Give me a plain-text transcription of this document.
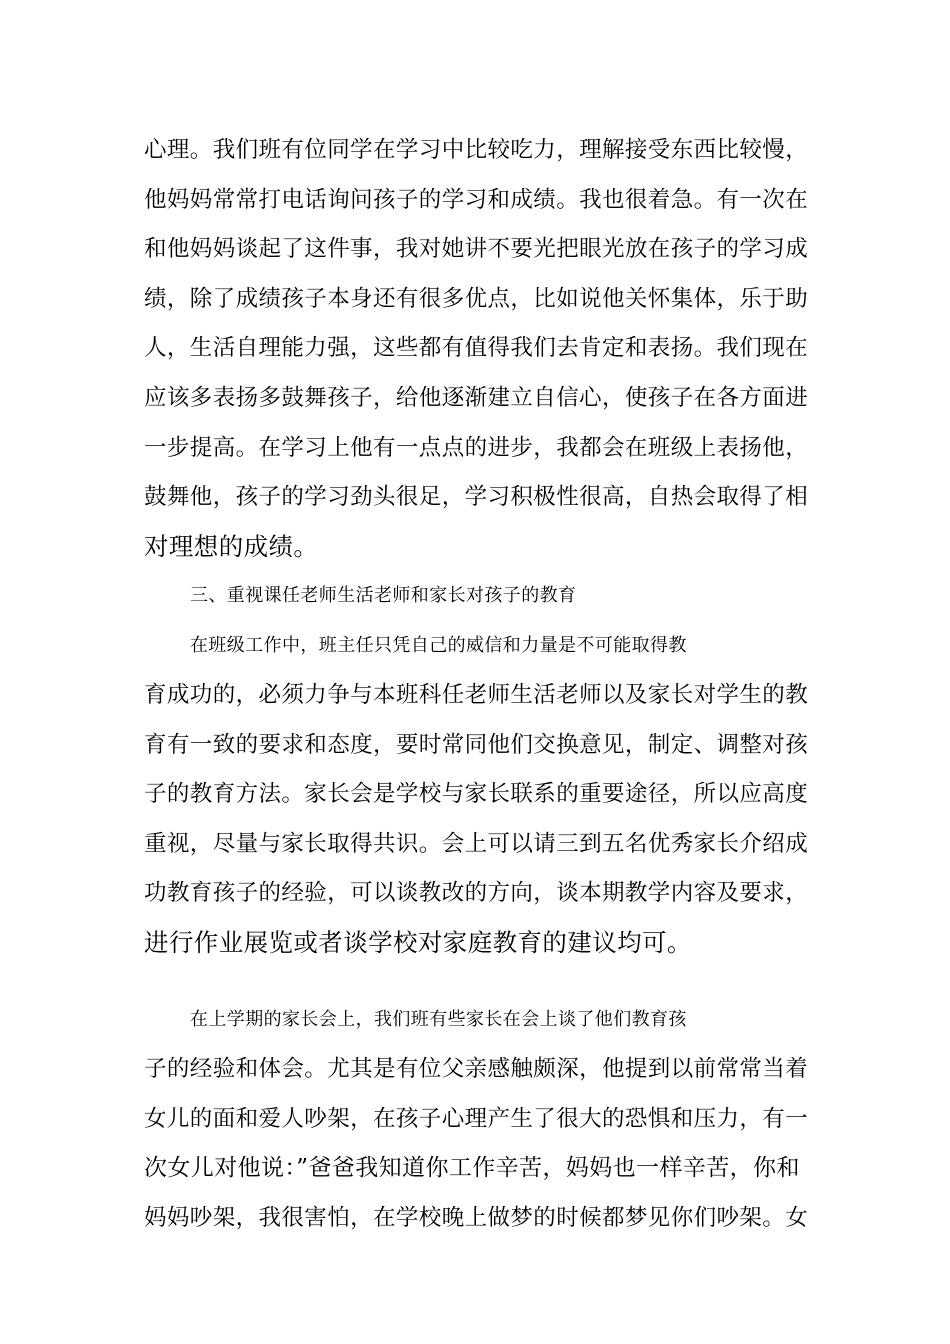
心理。我们班有位同学在学习中比较吃力，理解接受东西比较慢，
他妈妈常常打电话询问孩子的学习和成绩。我也很着急。有一次在
和他妈妈谈起了这件事，我对她讲不要光把眼光放在孩子的学习成
绩，除了成绩孩子本身还有很多优点，比如说他关怀集体，乐于助
人，生活自理能力强，这些都有值得我们去肯定和表扬。我们现在
应该多表扬多鼓舞孩子，给他逐渐建立自信心，使孩子在各方面进
一步提高。在学习上他有一点点的进步，我都会在班级上表扬他，
鼓舞他，孩子的学习劲头很足，学习积极性很高，自热会取得了相
对理想的成绩。
三、重视课任老师生活老师和家长对孩子的教育
在班级工作中，班主任只凭自己的威信和力量是不可能取得教
育成功的，必须力争与本班科任老师生活老师以及家长对学生的教
育有一致的要求和态度，要时常同他们交换意见，制定、调整对孩
子的教育方法。家长会是学校与家长联系的重要途径，所以应高度
重视，尽量与家长取得共识。会上可以请三到五名优秀家长介绍成
功教育孩子的经验，可以谈教改的方向，谈本期教学内容及要求，
进行作业展览或者谈学校对家庭教育的建议均可。
在上学期的家长会上，我们班有些家长在会上谈了他们教育孩
子的经验和体会。尤其是有位父亲感触颇深，他提到以前常常当着
女儿的面和爱人吵架，在孩子心理产生了很大的恐惧和压力，有一
次女儿对他说：”爸爸我知道你工作辛苦，妈妈也一样辛苦，你和
妈妈吵架，我很害怕，在学校晚上做梦的时候都梦见你们吵架。女
